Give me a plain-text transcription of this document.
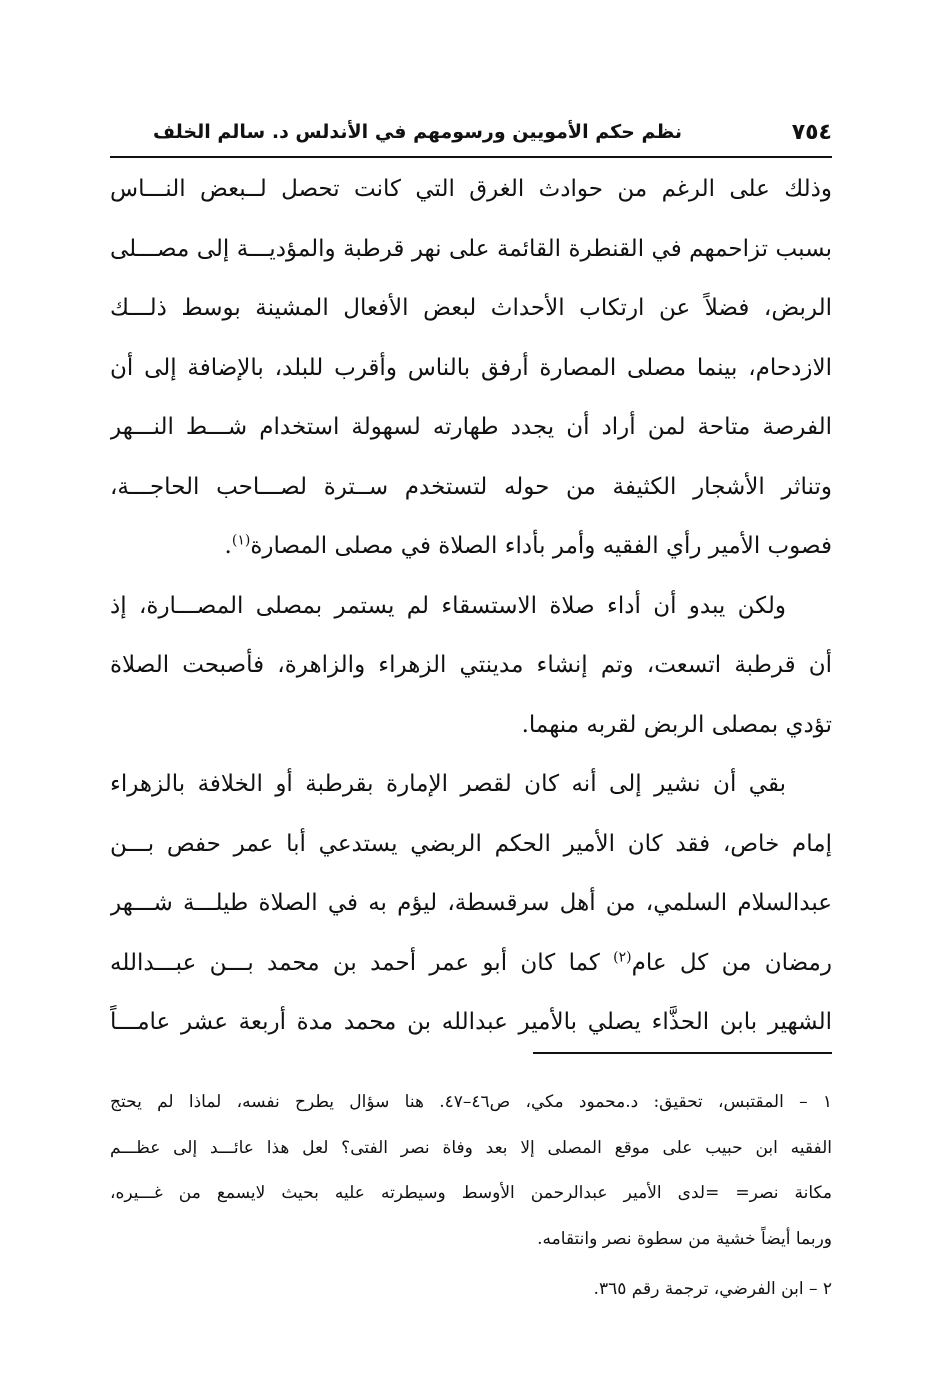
٧٥٤
نظم حكم الأمويين ورسومهم في الأندلس د. سالم الخلف
وذلك على الرغم من حوادث الغرق التي كانت تحصل لــبعض النـــاس
بسبب تزاحمهم في القنطرة القائمة على نهر قرطبة والمؤديـــة إلى مصـــلى
الربض، فضلاً عن ارتكاب الأحداث لبعض الأفعال المشينة بوسط ذلـــك
الازدحام، بينما مصلى المصارة أرفق بالناس وأقرب للبلد، بالإضافة إلى أن
الفرصة متاحة لمن أراد أن يجدد طهارته لسهولة استخدام شـــط النـــهر
وتناثر الأشجار الكثيفة من حوله لتستخدم ســترة لصـــاحب الحاجـــة،
فصوب الأمير رأي الفقيه وأمر بأداء الصلاة في مصلى المصارة$^{(١)}$.
ولكن يبدو أن أداء صلاة الاستسقاء لم يستمر بمصلى المصـــارة، إذ
أن قرطبة اتسعت، وتم إنشاء مدينتي الزهراء والزاهرة، فأصبحت الصلاة
تؤدي بمصلى الربض لقربه منهما.
بقي أن نشير إلى أنه كان لقصر الإمارة بقرطبة أو الخلافة بالزهراء
إمام خاص، فقد كان الأمير الحكم الربضي يستدعي أبا عمر حفص بـــن
عبدالسلام السلمي، من أهل سرقسطة، ليؤم به في الصلاة طيلـــة شـــهر
رمضان من كل عام$^{(٢)}$ كما كان أبو عمر أحمد بن محمد بـــن عبـــدالله
الشهير بابن الحذَّاء يصلي بالأمير عبدالله بن محمد مدة أربعة عشر عامـــاً
١ – المقتبس، تحقيق: د.محمود مكي، ص٤٦–٤٧. هنا سؤال يطرح نفسه، لماذا لم يحتج
الفقيه ابن حبيب على موقع المصلى إلا بعد وفاة نصر الفتى؟ لعل هذا عائـــد إلى عظـــم
مكانة نصر= =لدى الأمير عبدالرحمن الأوسط وسيطرته عليه بحيث لايسمع من غـــيره،
وربما أيضاً خشية من سطوة نصر وانتقامه.
٢ – ابن الفرضي، ترجمة رقم ٣٦٥.
